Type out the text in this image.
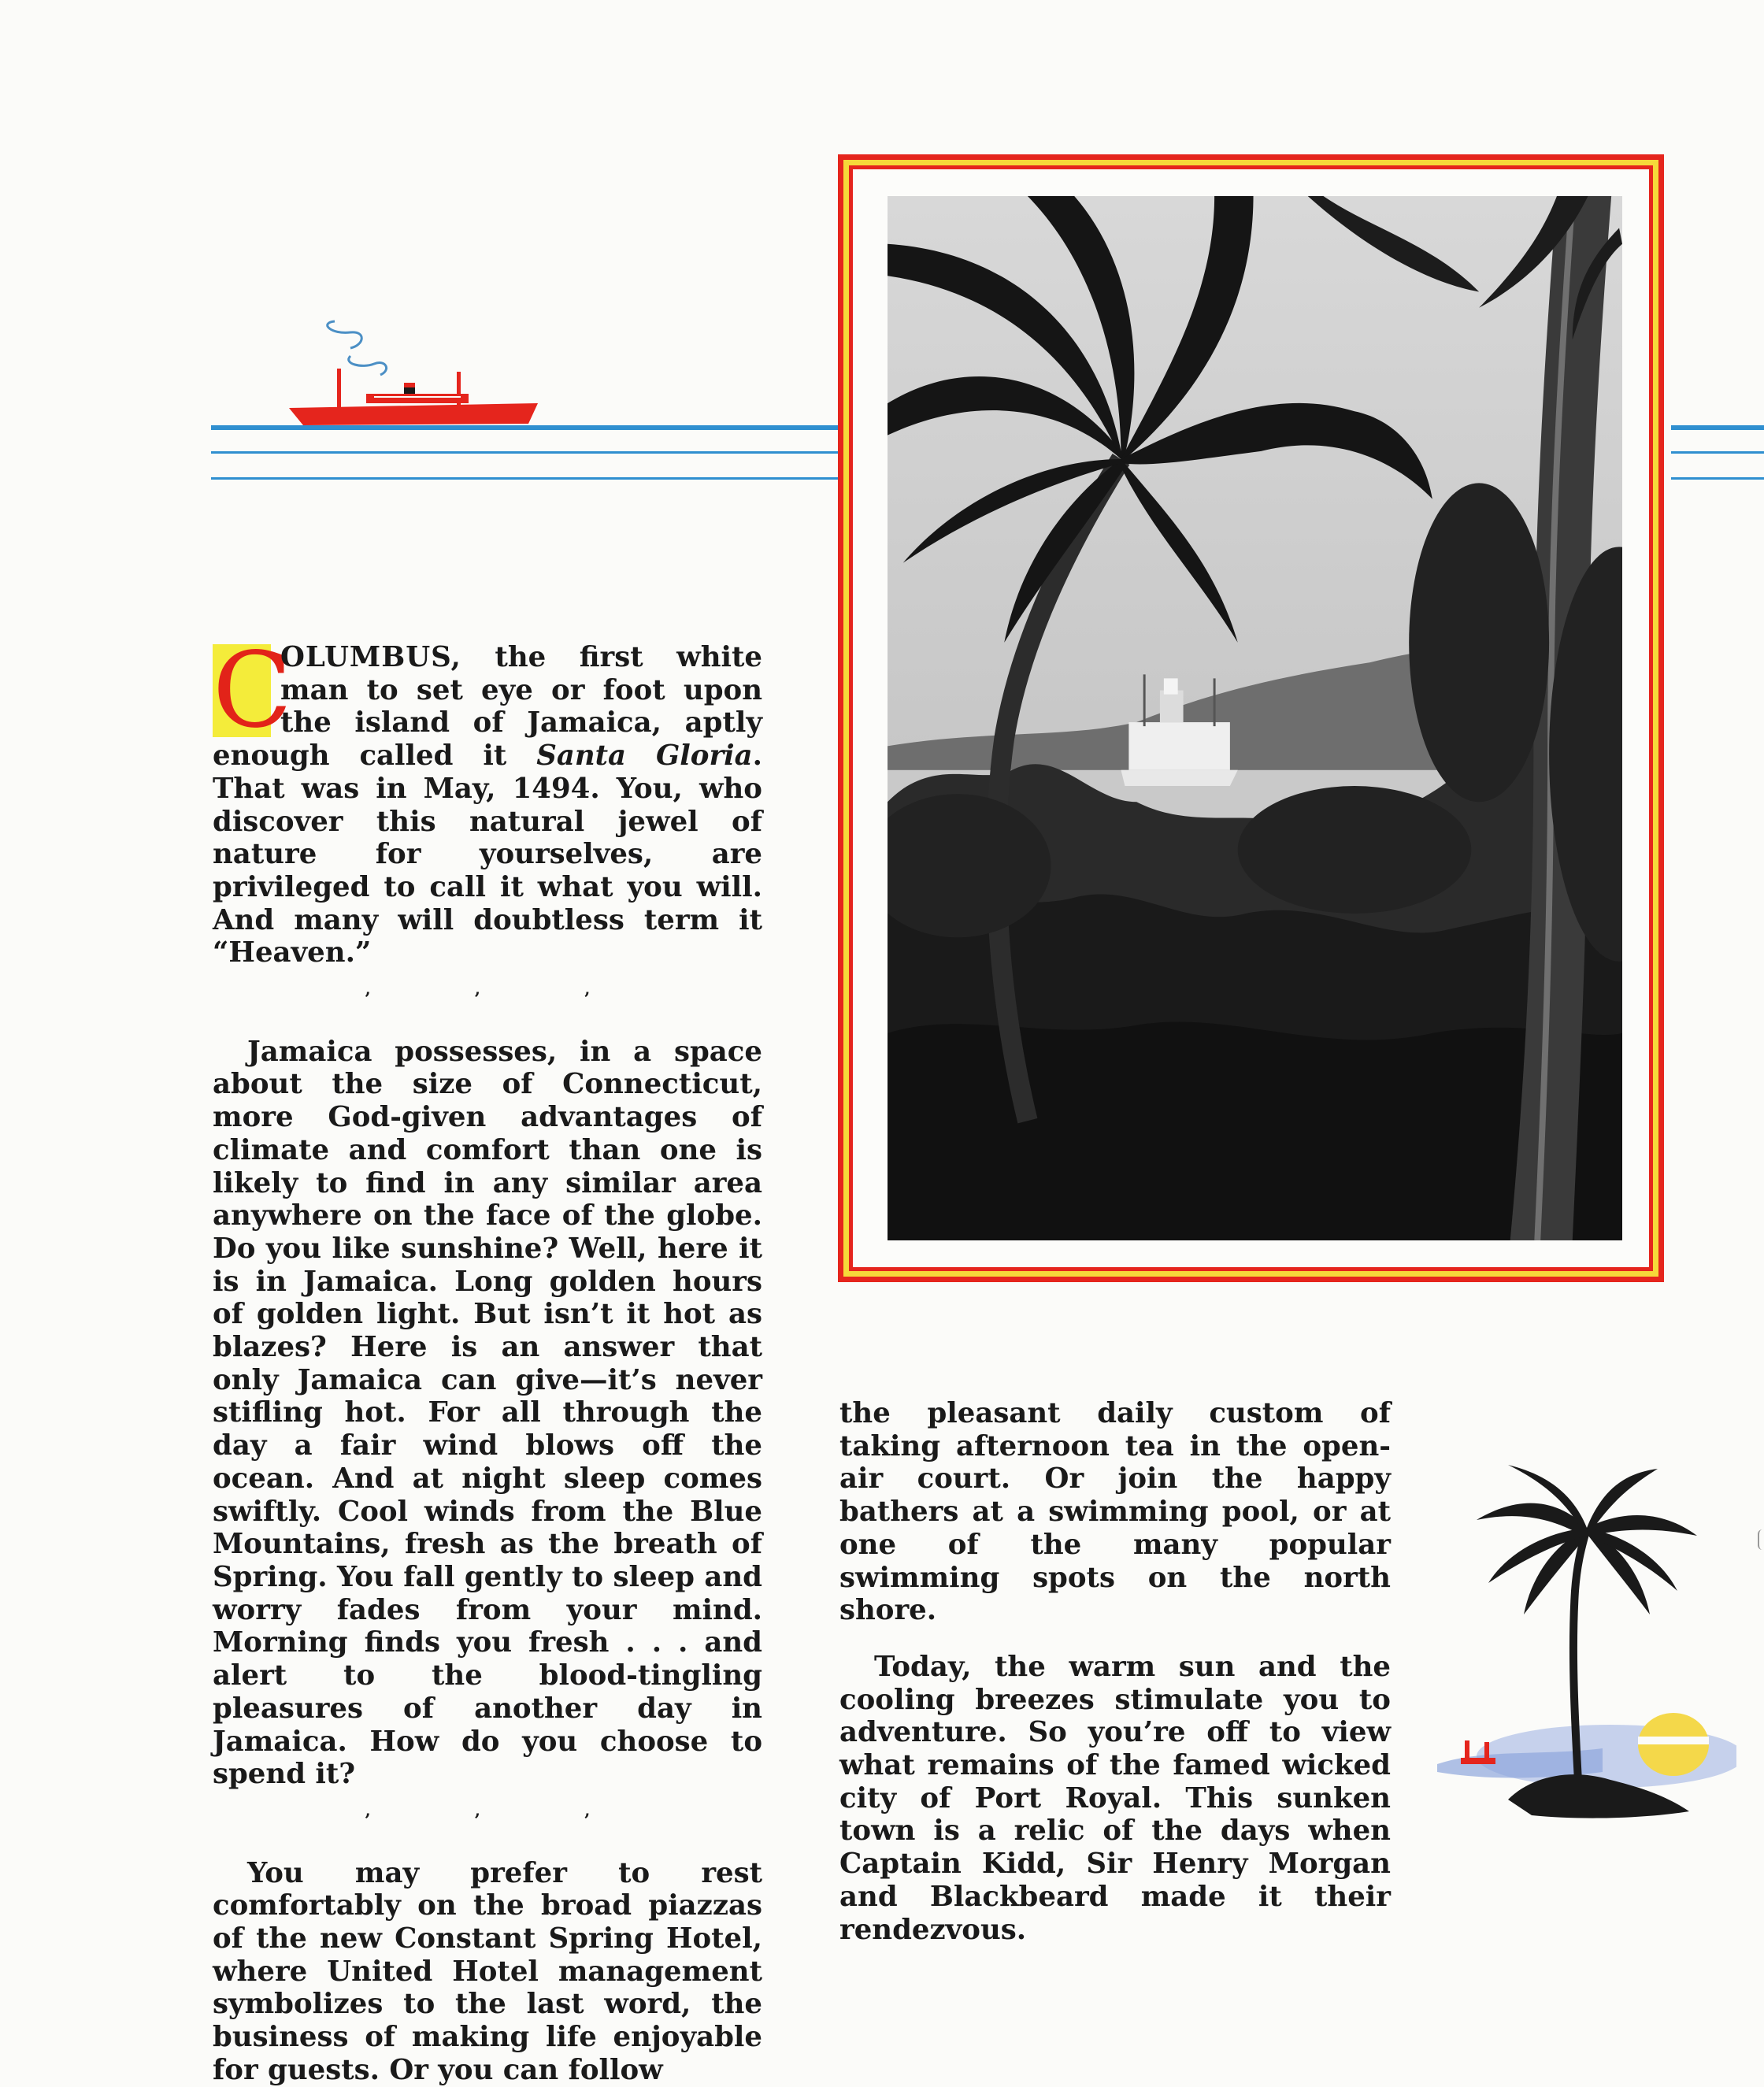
C
OLUMBUS, the first white man to set eye or foot upon the island of Jamaica, aptly enough called it Santa Gloria. That was in May, 1494. You, who discover this natural jewel of nature for yourselves, are privileged to call it what you will. And many will doubtless term it “Heaven.”

’ ’ ’

Jamaica possesses, in a space about the size of Connecticut, more God-given advantages of climate and comfort than one is likely to find in any similar area anywhere on the face of the globe. Do you like sunshine? Well, here it is in Jamaica. Long golden hours of golden light. But isn’t it hot as blazes? Here is an answer that only Jamaica can give—it’s never stifling hot. For all through the day a fair wind blows off the ocean. And at night sleep comes swiftly. Cool winds from the Blue Mountains, fresh as the breath of Spring. You fall gently to sleep and worry fades from your mind. Morning finds you fresh . . . and alert to the blood-tingling pleasures of another day in Jamaica. How do you choose to spend it?

’ ’ ’

You may prefer to rest comfortably on the broad piazzas of the new Constant Spring Hotel, where United Hotel management symbolizes to the last word, the business of making life enjoyable for guests. Or you can follow

the pleasant daily custom of taking afternoon tea in the open-air court. Or join the happy bathers at a swimming pool, or at one of the many popular swimming spots on the north shore.

Today, the warm sun and the cooling breezes stimulate you to adventure. So you’re off to view what remains of the famed wicked city of Port Royal. This sunken town is a relic of the days when Captain Kidd, Sir Henry Morgan and Blackbeard made it their rendezvous.
